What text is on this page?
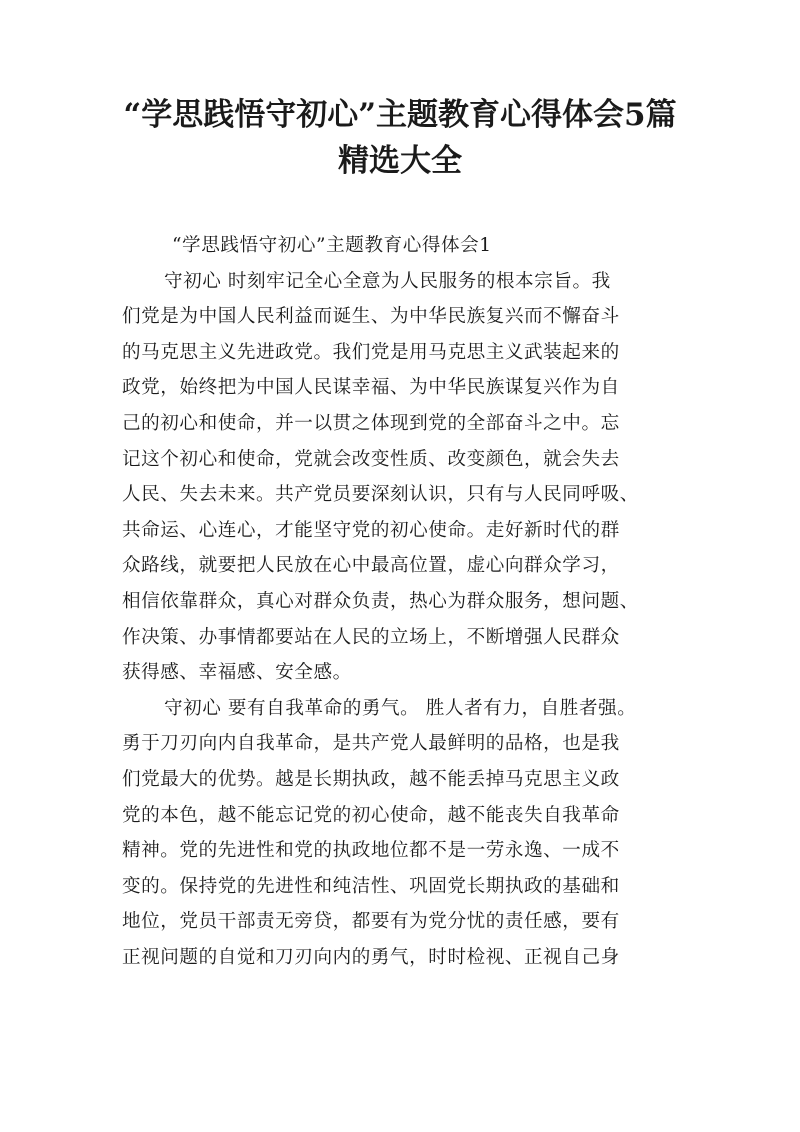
“学思践悟守初心”主题教育心得体会5篇
精选大全
“学思践悟守初心”主题教育心得体会1
守初心 时刻牢记全心全意为人民服务的根本宗旨。我
们党是为中国人民利益而诞生、为中华民族复兴而不懈奋斗
的马克思主义先进政党。我们党是用马克思主义武装起来的
政党，始终把为中国人民谋幸福、为中华民族谋复兴作为自
己的初心和使命，并一以贯之体现到党的全部奋斗之中。忘
记这个初心和使命，党就会改变性质、改变颜色，就会失去
人民、失去未来。共产党员要深刻认识，只有与人民同呼吸、
共命运、心连心，才能坚守党的初心使命。走好新时代的群
众路线，就要把人民放在心中最高位置，虚心向群众学习，
相信依靠群众，真心对群众负责，热心为群众服务，想问题、
作决策、办事情都要站在人民的立场上，不断增强人民群众
获得感、幸福感、安全感。
守初心 要有自我革命的勇气。 胜人者有力，自胜者强。
勇于刀刃向内自我革命，是共产党人最鲜明的品格，也是我
们党最大的优势。越是长期执政，越不能丢掉马克思主义政
党的本色，越不能忘记党的初心使命，越不能丧失自我革命
精神。党的先进性和党的执政地位都不是一劳永逸、一成不
变的。保持党的先进性和纯洁性、巩固党长期执政的基础和
地位，党员干部责无旁贷，都要有为党分忧的责任感，要有
正视问题的自觉和刀刃向内的勇气，时时检视、正视自己身
